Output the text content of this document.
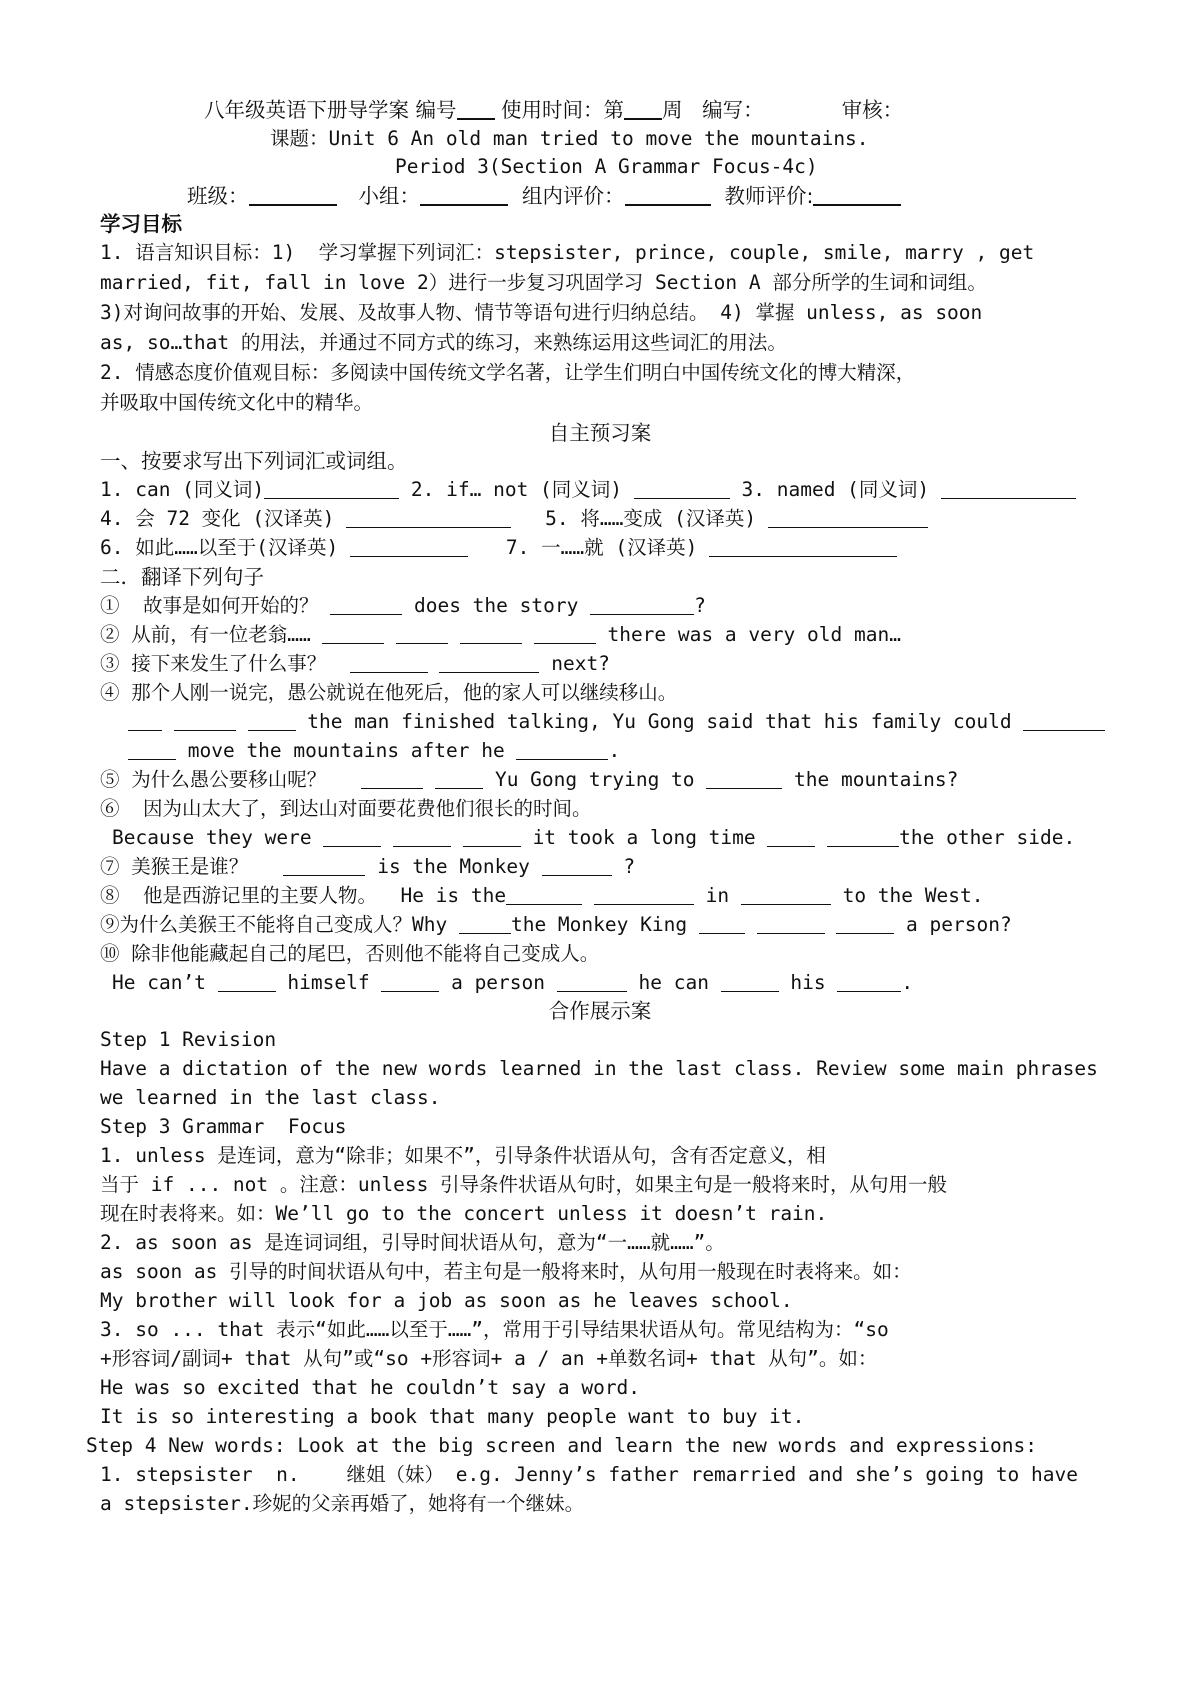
八年级英语下册导学案 编号 使用时间：第 周   编写：	审核：
课题：Unit 6 An old man tried to move the mountains.
Period 3(Section A Grammar Focus-4c)
班级：	小组：	组内评价：	教师评价:
学习目标
1. 语言知识目标：1)  学习掌握下列词汇：stepsister, prince, couple, smile, marry , get
married, fit, fall in love 2）进行一步复习巩固学习 Section A 部分所学的生词和词组。
3)对询问故事的开始、发展、及故事人物、情节等语句进行归纳总结。 4) 掌握 unless, as soon
as, so…that 的用法，并通过不同方式的练习，来熟练运用这些词汇的用法。
2. 情感态度价值观目标：多阅读中国传统文学名著，让学生们明白中国传统文化的博大精深，
并吸取中国传统文化中的精华。
自主预习案
一、按要求写出下列词汇或词组。
1. can (同义词)	2. if… not (同义词)	3. named (同义词)
4. 会 72 变化 (汉译英)	5. 将……变成 (汉译英)
6. 如此……以至于(汉译英)	7. 一……就 (汉译英)
二．翻译下列句子
①  故事是如何开始的？	does the story	?
② 从前，有一位老翁……	there was a very old man…
③ 接下来发生了什么事？	next?
④ 那个人刚一说完，愚公就说在他死后，他的家人可以继续移山。
the man finished talking, Yu Gong said that his family could
move the mountains after he	.
⑤ 为什么愚公要移山呢？	Yu Gong trying to	the mountains?
⑥  因为山太大了，到达山对面要花费他们很长的时间。
Because they were	it took a long time	the other side.
⑦ 美猴王是谁？	is the Monkey	?
⑧  他是西游记里的主要人物。  He is the	in	to the West.
⑨为什么美猴王不能将自己变成人？Why	the Monkey King	a person?
⑩ 除非他能藏起自己的尾巴，否则他不能将自己变成人。
He can’t	himself	a person	he can	his	.
合作展示案
Step 1 Revision
Have a dictation of the new words learned in the last class. Review some main phrases
we learned in the last class.
Step 3 Grammar  Focus
1. unless 是连词，意为“除非；如果不”，引导条件状语从句，含有否定意义，相
当于 if ... not 。注意：unless 引导条件状语从句时，如果主句是一般将来时，从句用一般
现在时表将来。如：We’ll go to the concert unless it doesn’t rain.
2. as soon as 是连词词组，引导时间状语从句，意为“一……就……”。
as soon as 引导的时间状语从句中，若主句是一般将来时，从句用一般现在时表将来。如：
My brother will look for a job as soon as he leaves school.
3. so ... that 表示“如此……以至于……”，常用于引导结果状语从句。常见结构为：“so
+形容词/副词+ that 从句”或“so +形容词+ a / an +单数名词+ that 从句”。如：
He was so excited that he couldn’t say a word.
It is so interesting a book that many people want to buy it.
Step 4 New words: Look at the big screen and learn the new words and expressions:
1. stepsister  n.    继姐（妹） e.g. Jenny’s father remarried and she’s going to have
a stepsister.珍妮的父亲再婚了，她将有一个继妹。
